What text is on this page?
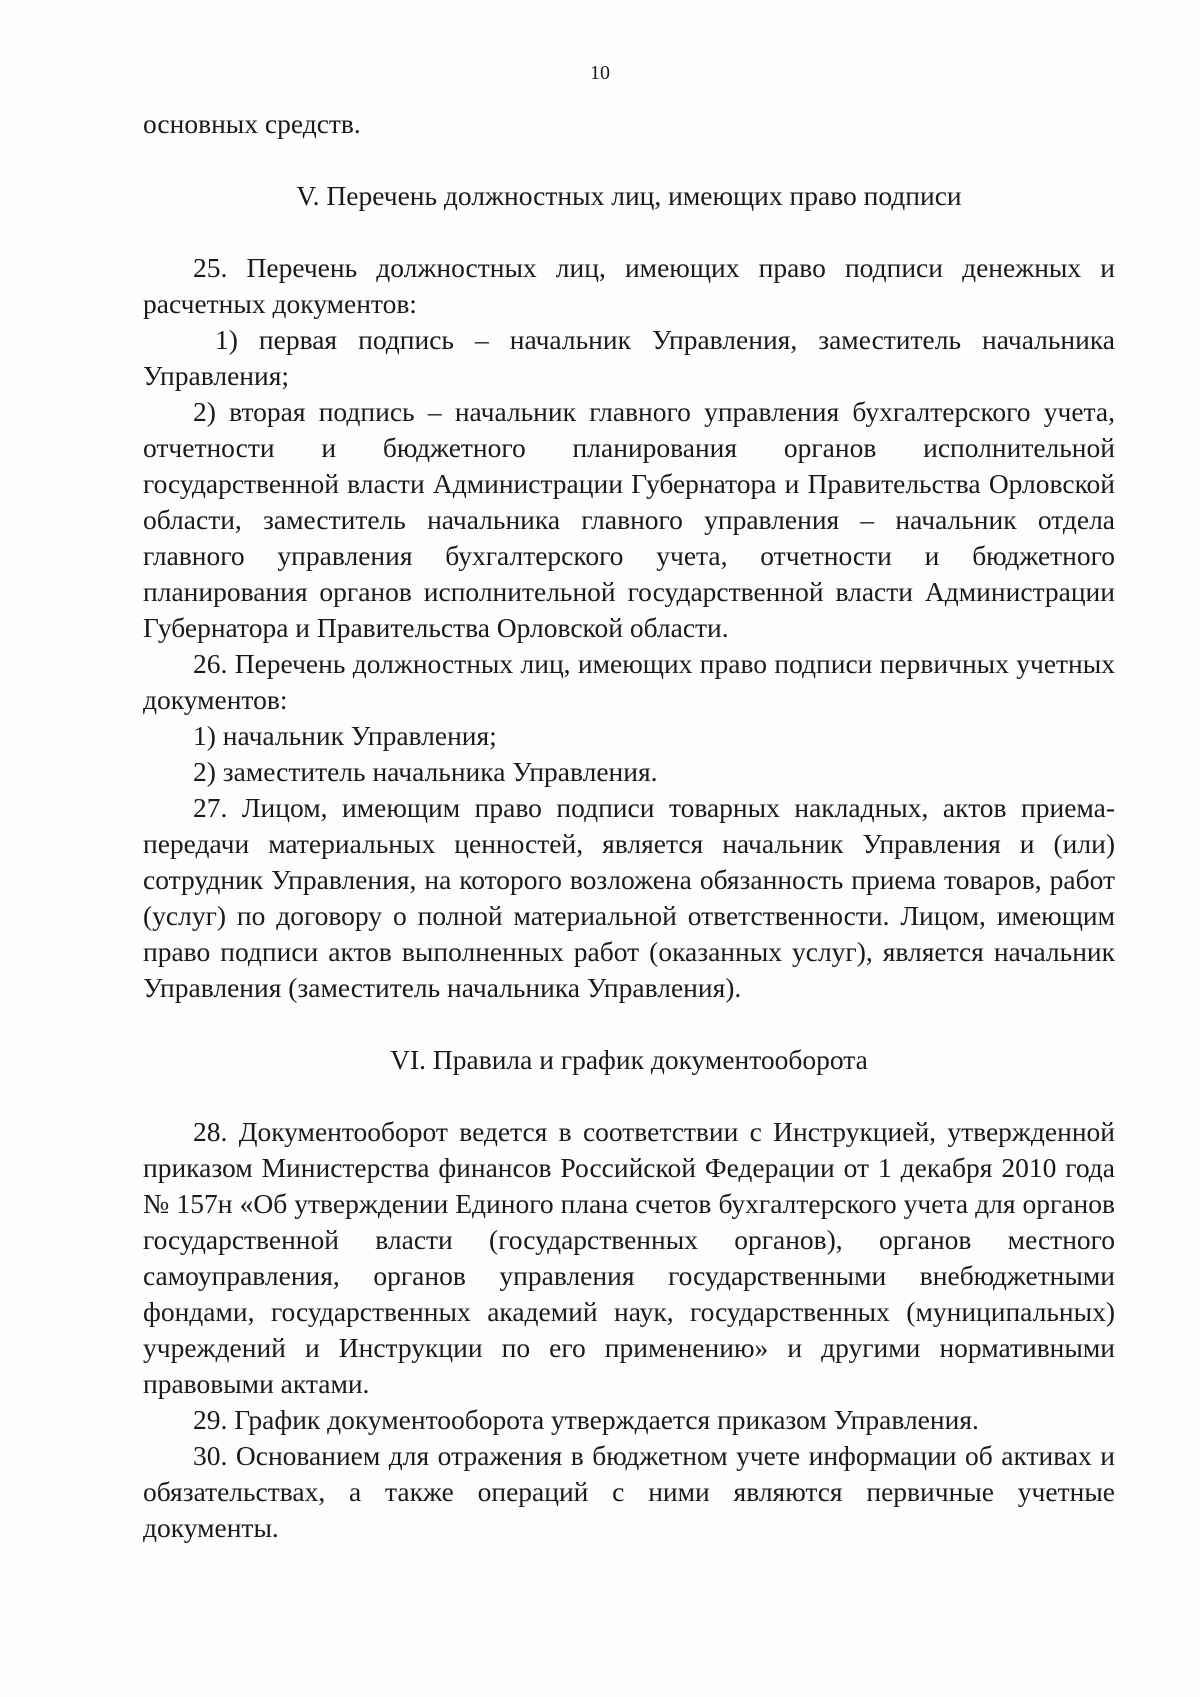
10

основных средств.

V. Перечень должностных лиц, имеющих право подписи

25. Перечень должностных лиц, имеющих право подписи денежных и расчетных документов:

1) первая подпись – начальник Управления, заместитель начальника Управления;

2) вторая подпись – начальник главного управления бухгалтерского учета, отчетности и бюджетного планирования органов исполнительной государственной власти Администрации Губернатора и Правительства Орловской области, заместитель начальника главного управления – начальник отдела главного управления бухгалтерского учета, отчетности и бюджетного планирования органов исполнительной государственной власти Администрации Губернатора и Правительства Орловской области.

26. Перечень должностных лиц, имеющих право подписи первичных учетных документов:

1) начальник Управления;

2) заместитель начальника Управления.

27. Лицом, имеющим право подписи товарных накладных, актов приема-передачи материальных ценностей, является начальник Управления и (или) сотрудник Управления, на которого возложена обязанность приема товаров, работ (услуг) по договору о полной материальной ответственности. Лицом, имеющим право подписи актов выполненных работ (оказанных услуг), является начальник Управления (заместитель начальника Управления).

VI. Правила и график документооборота

28. Документооборот ведется в соответствии с Инструкцией, утвержденной приказом Министерства финансов Российской Федерации от 1 декабря 2010 года № 157н «Об утверждении Единого плана счетов бухгалтерского учета для органов государственной власти (государственных органов), органов местного самоуправления, органов управления государственными внебюджетными фондами, государственных академий наук, государственных (муниципальных) учреждений и Инструкции по его применению» и другими нормативными правовыми актами.

29. График документооборота утверждается приказом Управления.

30. Основанием для отражения в бюджетном учете информации об активах и обязательствах, а также операций с ними являются первичные учетные документы.
